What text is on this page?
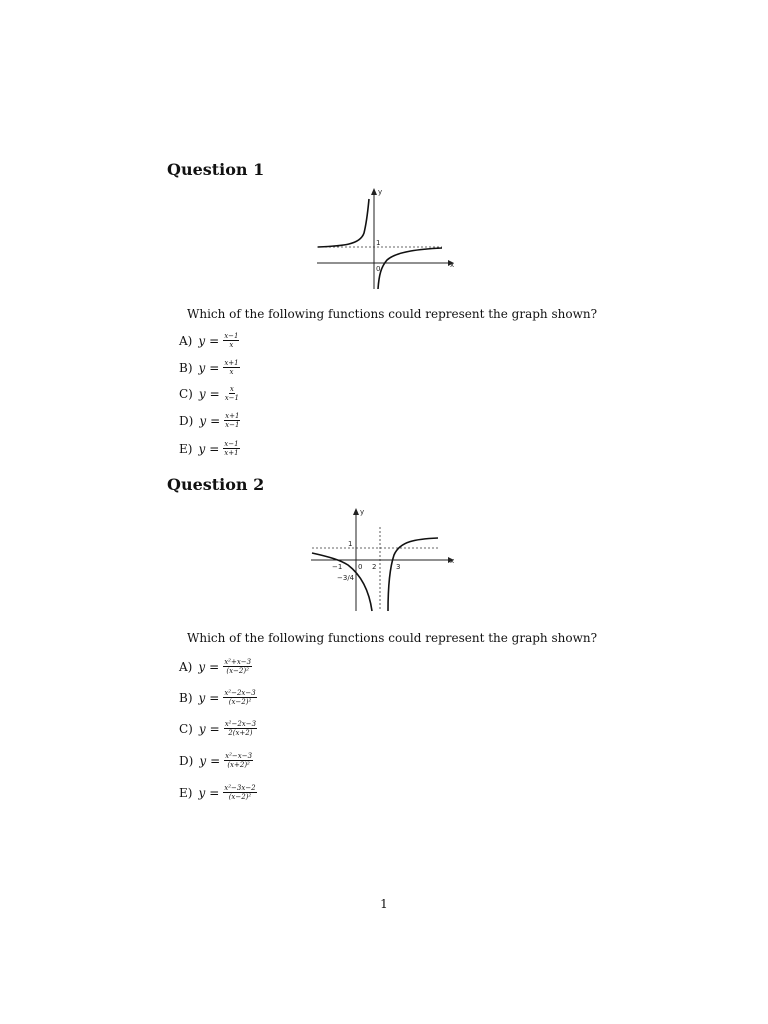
Question 1
y
x
1
0

Which of the following functions could represent the graph shown?

A) $y = \frac{x-1}{x}$
B) $y = \frac{x+1}{x}$
C) $y = \frac{x}{x-1}$
D) $y = \frac{x+1}{x-1}$
E) $y = \frac{x-1}{x+1}$
Question 2
y
x
1
−1 0 2	3
−3/4

Which of the following functions could represent the graph shown?

A) $y = \frac{\text{x²+x−3}}{\text{(x−2)²}}$
B) $y = \frac{\text{x²−2x−3}}{\text{(x−2)²}}$
C) $y = \frac{\text{x²−2x−3}}{2(x+2)}$
D) $y = \frac{\text{x²−x−3}}{\text{(x+2)²}}$
E) $y = \frac{\text{x²−3x−2}}{\text{(x−2)²}}$
1
